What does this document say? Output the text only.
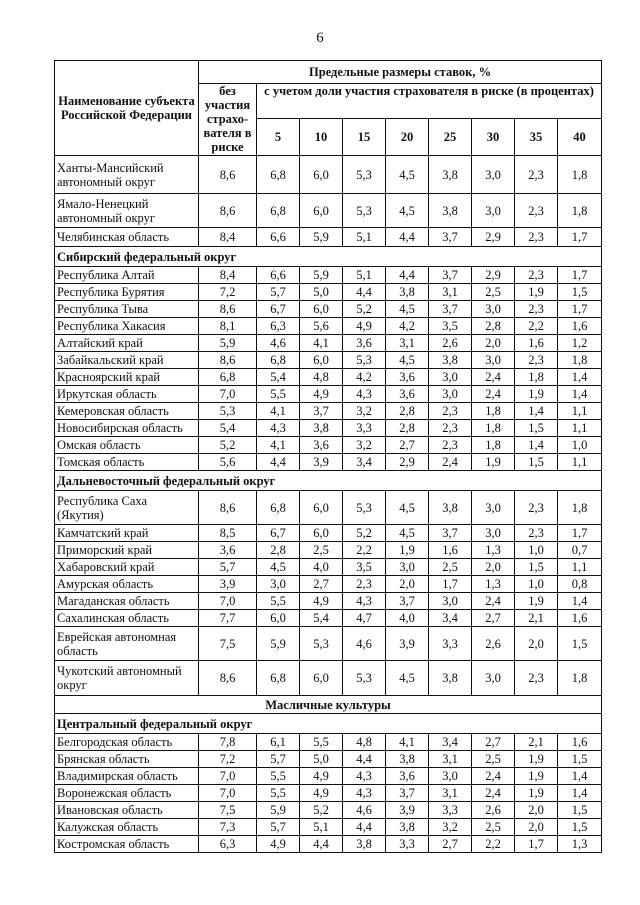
6
Наименование субъекта Российской Федерации	Предельные размеры ставок, %								
	без участия страхо-вателя в риске	с учетом доли участия страхователя в риске (в процентах)							
		5	10	15	20	25	30	35	40
Ханты-Мансийский автономный округ	8,6	6,8	6,0	5,3	4,5	3,8	3,0	2,3	1,8
Ямало-Ненецкий автономный округ	8,6	6,8	6,0	5,3	4,5	3,8	3,0	2,3	1,8
Челябинская область	8,4	6,6	5,9	5,1	4,4	3,7	2,9	2,3	1,7
Сибирский федеральный округ									
Республика Алтай	8,4	6,6	5,9	5,1	4,4	3,7	2,9	2,3	1,7
Республика Бурятия	7,2	5,7	5,0	4,4	3,8	3,1	2,5	1,9	1,5
Республика Тыва	8,6	6,7	6,0	5,2	4,5	3,7	3,0	2,3	1,7
Республика Хакасия	8,1	6,3	5,6	4,9	4,2	3,5	2,8	2,2	1,6
Алтайский край	5,9	4,6	4,1	3,6	3,1	2,6	2,0	1,6	1,2
Забайкальский край	8,6	6,8	6,0	5,3	4,5	3,8	3,0	2,3	1,8
Красноярский край	6,8	5,4	4,8	4,2	3,6	3,0	2,4	1,8	1,4
Иркутская область	7,0	5,5	4,9	4,3	3,6	3,0	2,4	1,9	1,4
Кемеровская область	5,3	4,1	3,7	3,2	2,8	2,3	1,8	1,4	1,1
Новосибирская область	5,4	4,3	3,8	3,3	2,8	2,3	1,8	1,5	1,1
Омская область	5,2	4,1	3,6	3,2	2,7	2,3	1,8	1,4	1,0
Томская область	5,6	4,4	3,9	3,4	2,9	2,4	1,9	1,5	1,1
Дальневосточный федеральный округ									
Республика Саха (Якутия)	8,6	6,8	6,0	5,3	4,5	3,8	3,0	2,3	1,8
Камчатский край	8,5	6,7	6,0	5,2	4,5	3,7	3,0	2,3	1,7
Приморский край	3,6	2,8	2,5	2,2	1,9	1,6	1,3	1,0	0,7
Хабаровский край	5,7	4,5	4,0	3,5	3,0	2,5	2,0	1,5	1,1
Амурская область	3,9	3,0	2,7	2,3	2,0	1,7	1,3	1,0	0,8
Магаданская область	7,0	5,5	4,9	4,3	3,7	3,0	2,4	1,9	1,4
Сахалинская область	7,7	6,0	5,4	4,7	4,0	3,4	2,7	2,1	1,6
Еврейская автономная область	7,5	5,9	5,3	4,6	3,9	3,3	2,6	2,0	1,5
Чукотский автономный округ	8,6	6,8	6,0	5,3	4,5	3,8	3,0	2,3	1,8
Масличные культуры									
Центральный федеральный округ									
Белгородская область	7,8	6,1	5,5	4,8	4,1	3,4	2,7	2,1	1,6
Брянская область	7,2	5,7	5,0	4,4	3,8	3,1	2,5	1,9	1,5
Владимирская область	7,0	5,5	4,9	4,3	3,6	3,0	2,4	1,9	1,4
Воронежская область	7,0	5,5	4,9	4,3	3,7	3,1	2,4	1,9	1,4
Ивановская область	7,5	5,9	5,2	4,6	3,9	3,3	2,6	2,0	1,5
Калужская область	7,3	5,7	5,1	4,4	3,8	3,2	2,5	2,0	1,5
Костромская область	6,3	4,9	4,4	3,8	3,3	2,7	2,2	1,7	1,3
